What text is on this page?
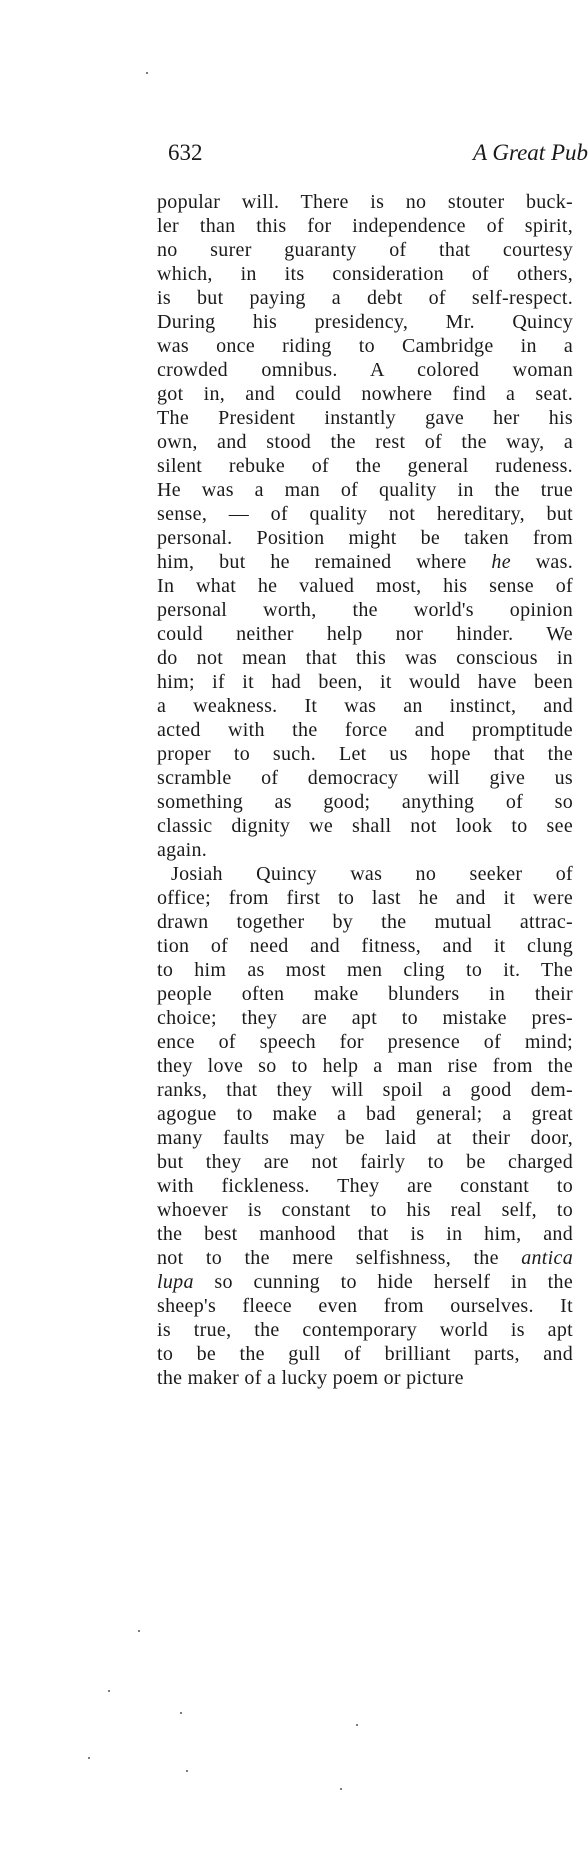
632	A Great Pub
popular will. There is no stouter buck-
ler than this for independence of spirit,
no surer guaranty of that courtesy
which, in its consideration of others,
is but paying a debt of self-respect.
During his presidency, Mr. Quincy
was once riding to Cambridge in a
crowded omnibus. A colored woman
got in, and could nowhere find a seat.
The President instantly gave her his
own, and stood the rest of the way, a
silent rebuke of the general rudeness.
He was a man of quality in the true
sense, — of quality not hereditary, but
personal. Position might be taken from
him, but he remained where he was.
In what he valued most, his sense of
personal worth, the world's opinion
could neither help nor hinder. We
do not mean that this was conscious in
him; if it had been, it would have been
a weakness. It was an instinct, and
acted with the force and promptitude
proper to such. Let us hope that the
scramble of democracy will give us
something as good; anything of so
classic dignity we shall not look to see
again.
Josiah Quincy was no seeker of
office; from first to last he and it were
drawn together by the mutual attrac-
tion of need and fitness, and it clung
to him as most men cling to it. The
people often make blunders in their
choice; they are apt to mistake pres-
ence of speech for presence of mind;
they love so to help a man rise from the
ranks, that they will spoil a good dem-
agogue to make a bad general; a great
many faults may be laid at their door,
but they are not fairly to be charged
with fickleness. They are constant to
whoever is constant to his real self, to
the best manhood that is in him, and
not to the mere selfishness, the antica
lupa so cunning to hide herself in the
sheep's fleece even from ourselves. It
is true, the contemporary world is apt
to be the gull of brilliant parts, and
the maker of a lucky poem or picture
